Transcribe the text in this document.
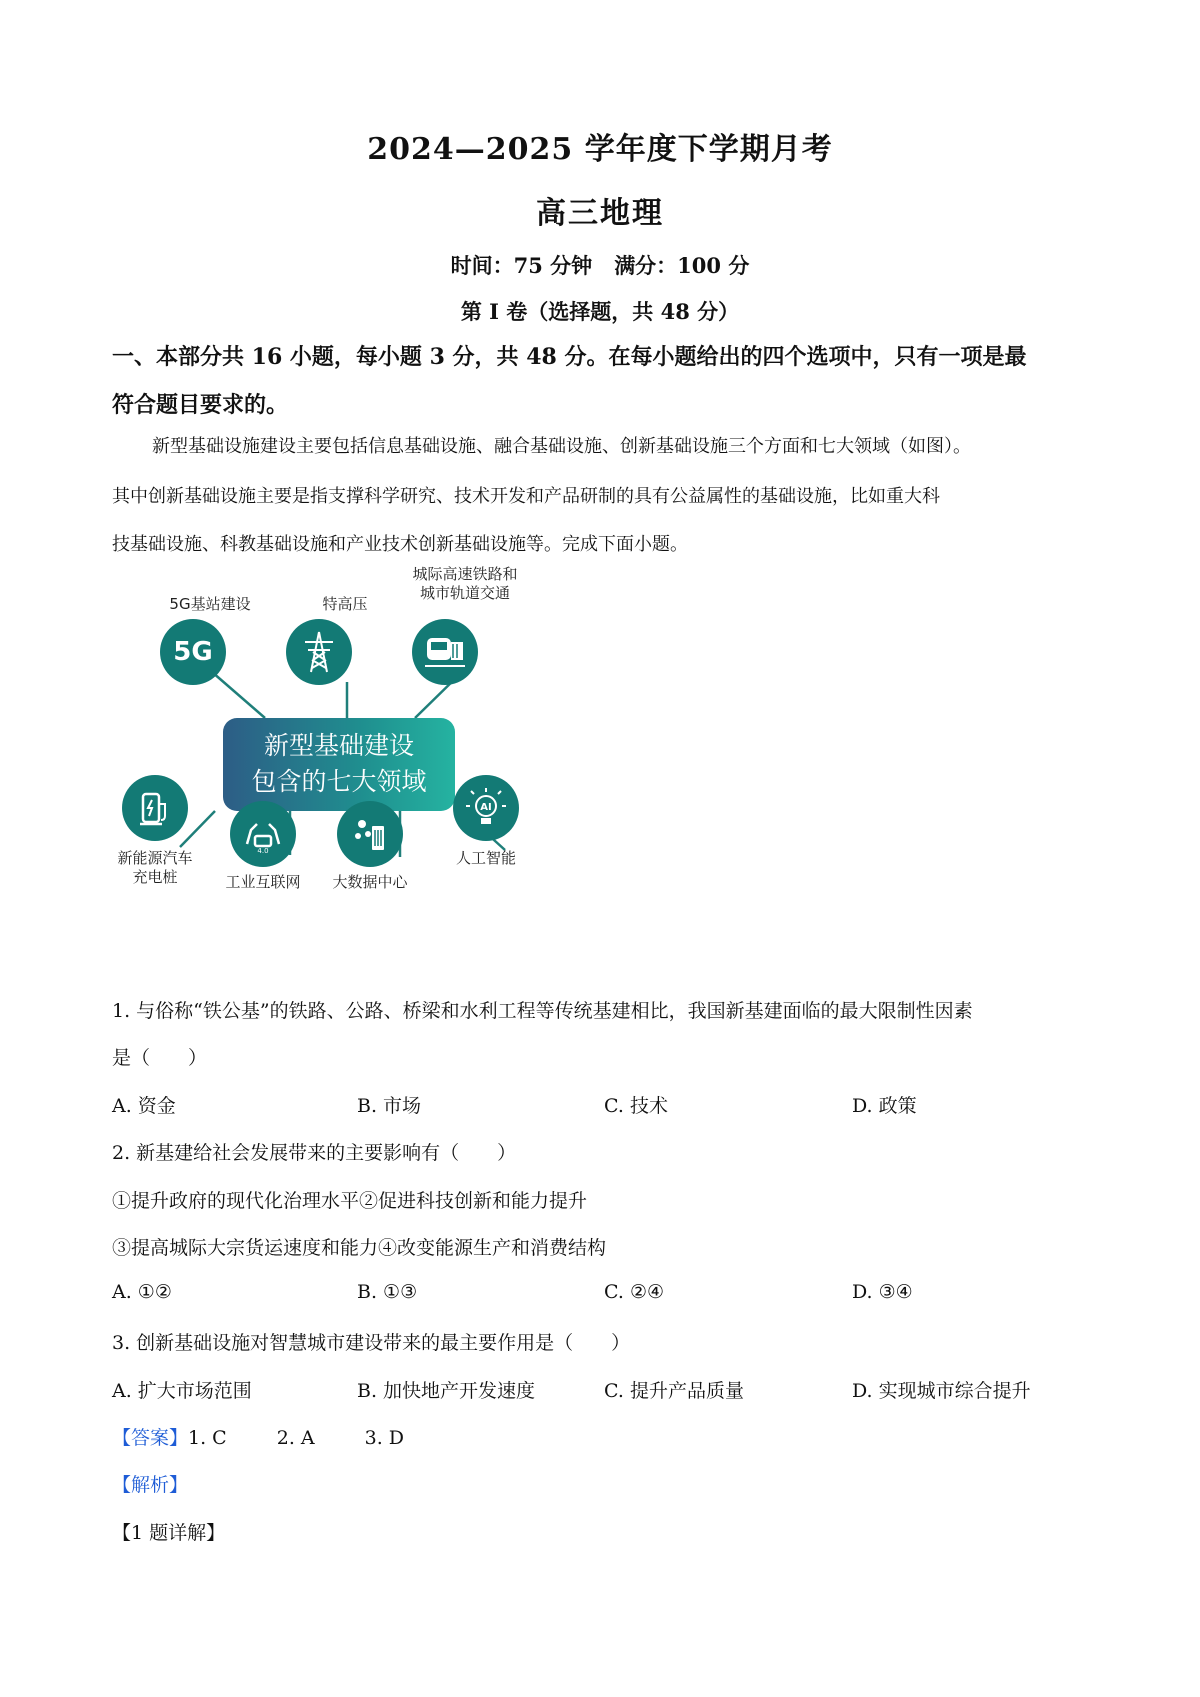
2024—2025 学年度下学期月考
高三地理
时间：75 分钟 满分：100 分
第 I 卷（选择题，共 48 分）
一、本部分共 16 小题，每小题 3 分，共 48 分。在每小题给出的四个选项中，只有一项是最
符合题目要求的。
新型基础设施建设主要包括信息基础设施、融合基础设施、创新基础设施三个方面和七大领域（如图）。
其中创新基础设施主要是指支撑科学研究、技术开发和产品研制的具有公益属性的基础设施，比如重大科
技基础设施、科教基础设施和产业技术创新基础设施等。完成下面小题。
5G基站建设	特高压
城际高速铁路和
城市轨道交通
5G
新型基础建设
包含的七大领域
4.0
AI
新能源汽车
充电桩	工业互联网	大数据中心
人工智能
1. 与俗称“铁公基”的铁路、公路、桥梁和水利工程等传统基建相比，我国新基建面临的最大限制性因素
是（　　）
A. 资金	B. 市场	C. 技术	D. 政策
2. 新基建给社会发展带来的主要影响有（　　）
①提升政府的现代化治理水平②促进科技创新和能力提升
③提高城际大宗货运速度和能力④改变能源生产和消费结构
A. ①②	B. ①③	C. ②④	D. ③④
3. 创新基础设施对智慧城市建设带来的最主要作用是（　　）
A. 扩大市场范围	B. 加快地产开发速度	C. 提升产品质量	D. 实现城市综合提升
【答案】1. C	2. A	3. D
【解析】
【1 题详解】
